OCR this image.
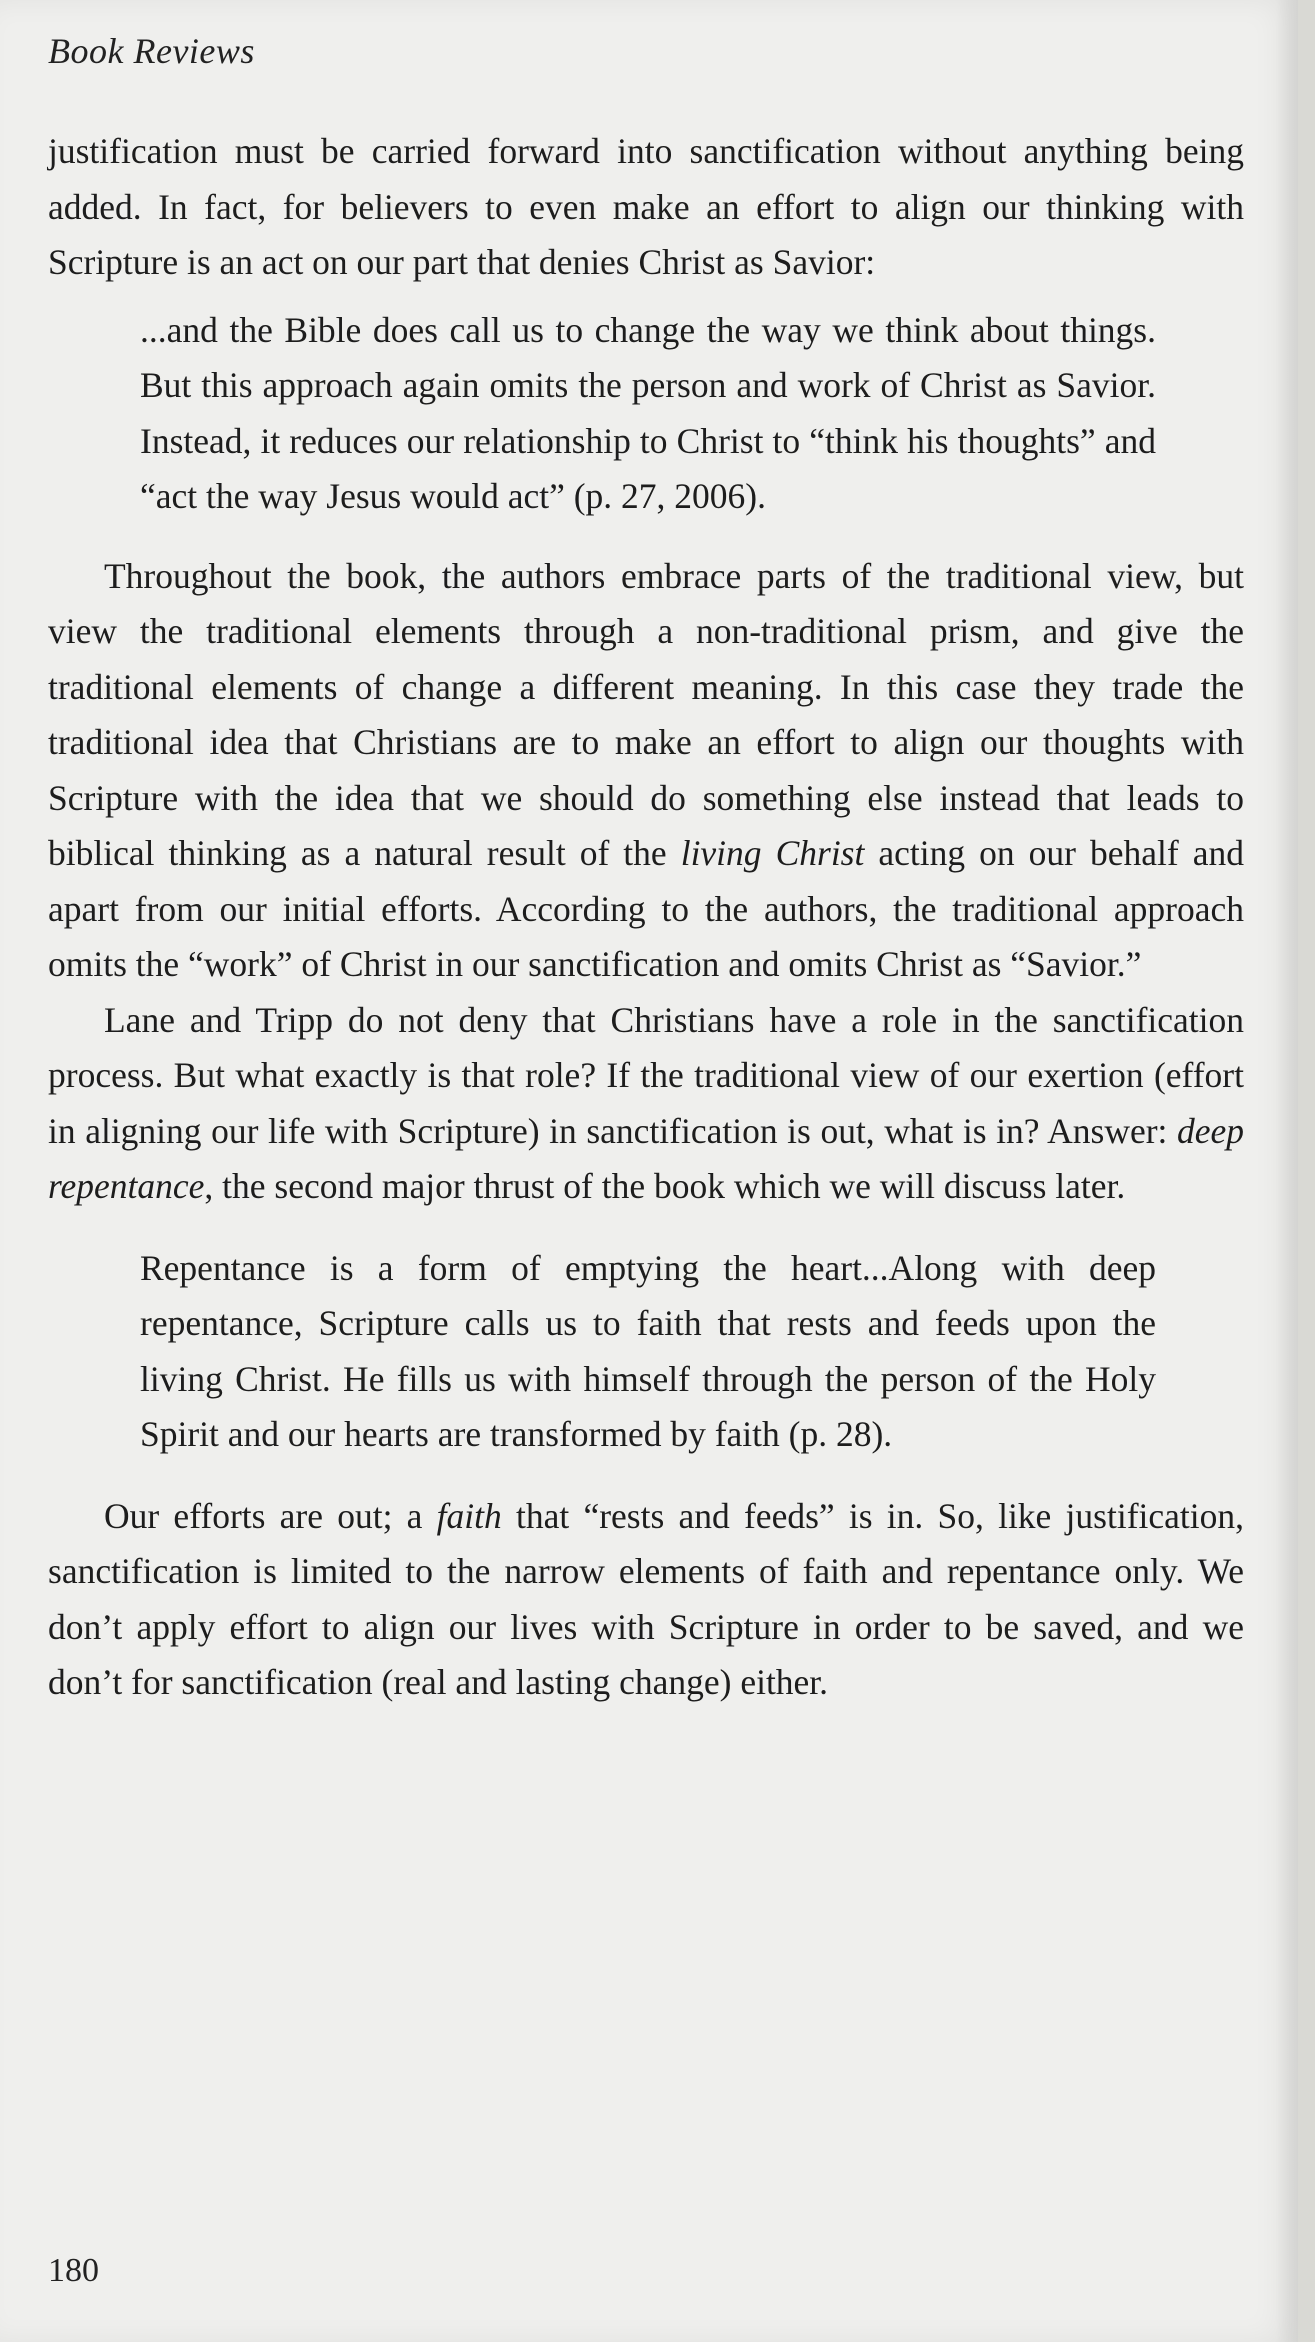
Book Reviews

justification must be carried forward into sanctification without anything being added. In fact, for believers to even make an effort to align our thinking with Scripture is an act on our part that denies Christ as Savior:

...and the Bible does call us to change the way we think about things. But this approach again omits the person and work of Christ as Savior. Instead, it reduces our relationship to Christ to “think his thoughts” and “act the way Jesus would act” (p. 27, 2006).

Throughout the book, the authors embrace parts of the traditional view, but view the traditional elements through a non-traditional prism, and give the traditional elements of change a different meaning. In this case they trade the traditional idea that Christians are to make an effort to align our thoughts with Scripture with the idea that we should do something else instead that leads to biblical thinking as a natural result of the living Christ acting on our behalf and apart from our initial efforts. According to the authors, the traditional approach omits the “work” of Christ in our sanctification and omits Christ as “Savior.”

Lane and Tripp do not deny that Christians have a role in the sanctification process. But what exactly is that role? If the traditional view of our exertion (effort in aligning our life with Scripture) in sanctification is out, what is in? Answer: deep repentance, the second major thrust of the book which we will discuss later.

Repentance is a form of emptying the heart...Along with deep repentance, Scripture calls us to faith that rests and feeds upon the living Christ. He fills us with himself through the person of the Holy Spirit and our hearts are transformed by faith (p. 28).

Our efforts are out; a faith that “rests and feeds” is in. So, like justification, sanctification is limited to the narrow elements of faith and repentance only. We don’t apply effort to align our lives with Scripture in order to be saved, and we don’t for sanctification (real and lasting change) either.

180
